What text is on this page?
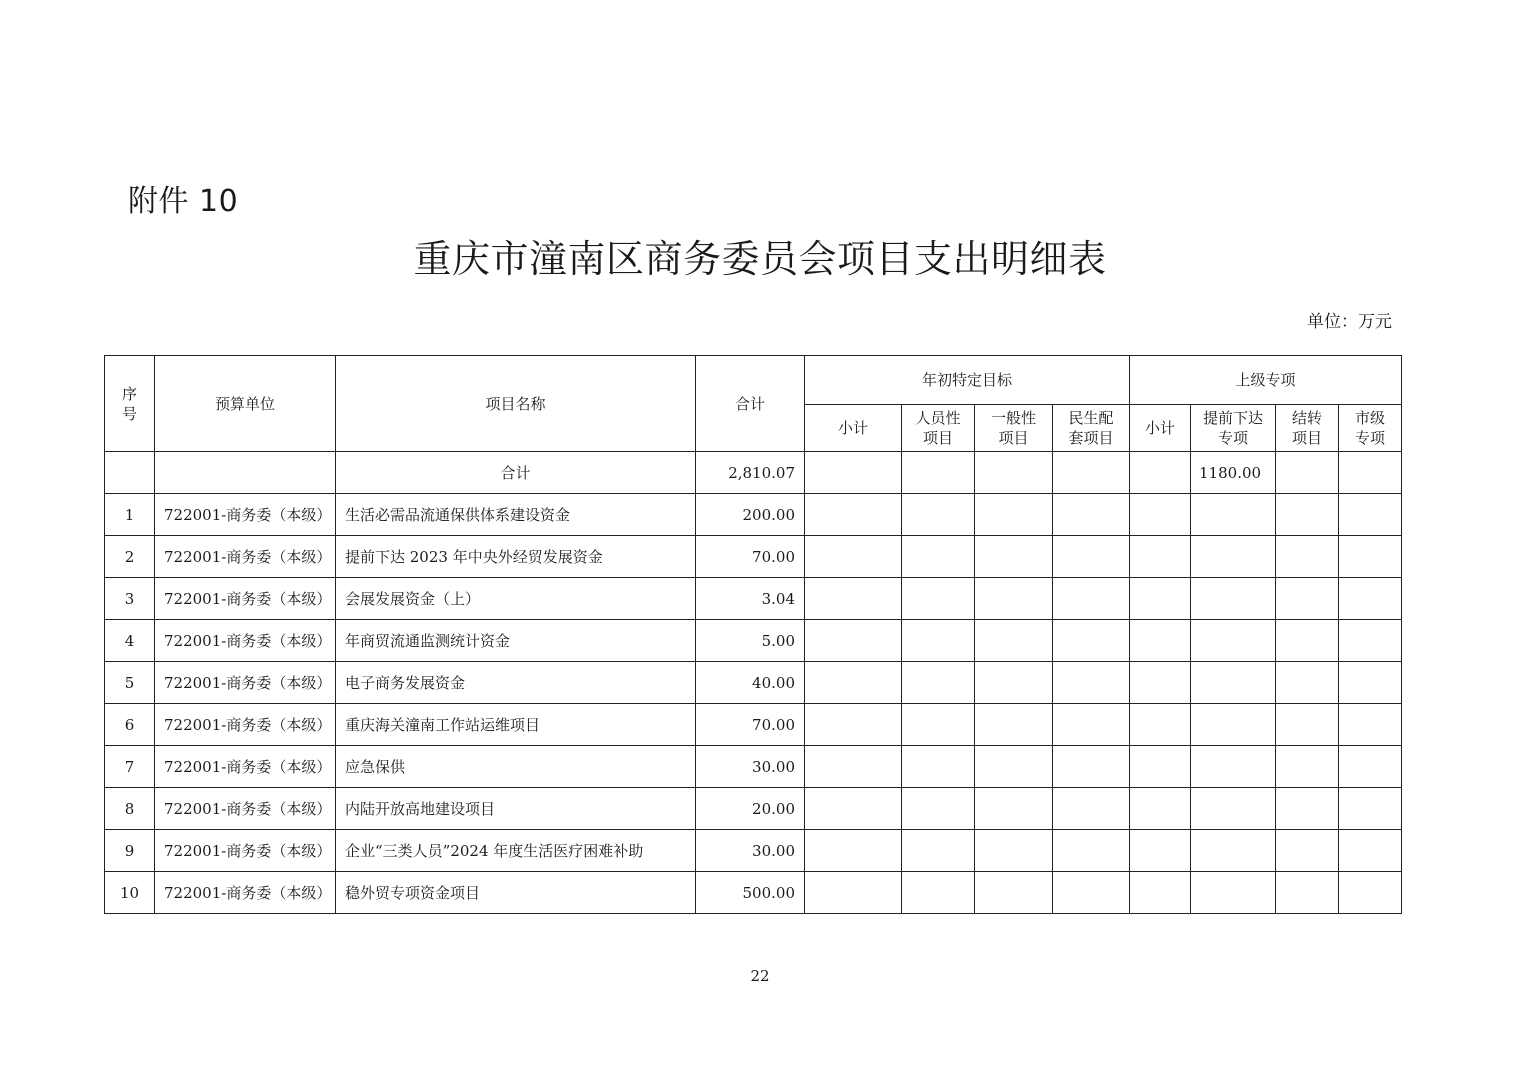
附件 10
重庆市潼南区商务委员会项目支出明细表
单位：万元
序号	预算单位	项目名称	合计	年初特定目标				上级专项			
				小计	人员性项目	一般性项目	民生配套项目	小计	提前下达专项	结转项目	市级专项

		合计	2,810.07						1180.00		
1	722001-商务委（本级）	生活必需品流通保供体系建设资金	200.00								
2	722001-商务委（本级）	提前下达 2023 年中央外经贸发展资金	70.00								
3	722001-商务委（本级）	会展发展资金（上）	3.04								
4	722001-商务委（本级）	年商贸流通监测统计资金	5.00								
5	722001-商务委（本级）	电子商务发展资金	40.00								
6	722001-商务委（本级）	重庆海关潼南工作站运维项目	70.00								
7	722001-商务委（本级）	应急保供	30.00								
8	722001-商务委（本级）	内陆开放高地建设项目	20.00								
9	722001-商务委（本级）	企业“三类人员”2024 年度生活医疗困难补助	30.00								
10	722001-商务委（本级）	稳外贸专项资金项目	500.00								
22
